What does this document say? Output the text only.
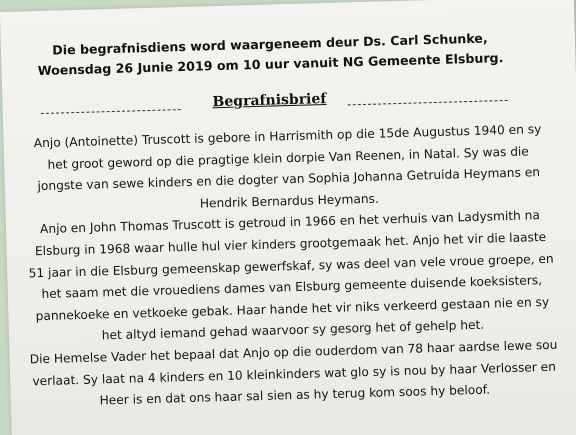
Die begrafnisdiens word waargeneem deur Ds. Carl Schunke,
Woensdag 26 Junie 2019 om 10 uur vanuit NG Gemeente Elsburg.
Begrafnisbrief
Anjo (Antoinette) Truscott is gebore in Harrismith op die 15de Augustus 1940 en sy
het groot geword op die pragtige klein dorpie Van Reenen, in Natal. Sy was die
jongste van sewe kinders en die dogter van Sophia Johanna Getruida Heymans en
Hendrik Bernardus Heymans.
Anjo en John Thomas Truscott is getroud in 1966 en het verhuis van Ladysmith na
Elsburg in 1968 waar hulle hul vier kinders grootgemaak het. Anjo het vir die laaste
51 jaar in die Elsburg gemeenskap gewerfskaf, sy was deel van vele vroue groepe, en
het saam met die vrouediens dames van Elsburg gemeente duisende koeksisters,
pannekoeke en vetkoeke gebak. Haar hande het vir niks verkeerd gestaan nie en sy
het altyd iemand gehad waarvoor sy gesorg het of gehelp het.
Die Hemelse Vader het bepaal dat Anjo op die ouderdom van 78 haar aardse lewe sou
verlaat. Sy laat na 4 kinders en 10 kleinkinders wat glo sy is nou by haar Verlosser en
Heer is en dat ons haar sal sien as hy terug kom soos hy beloof.
